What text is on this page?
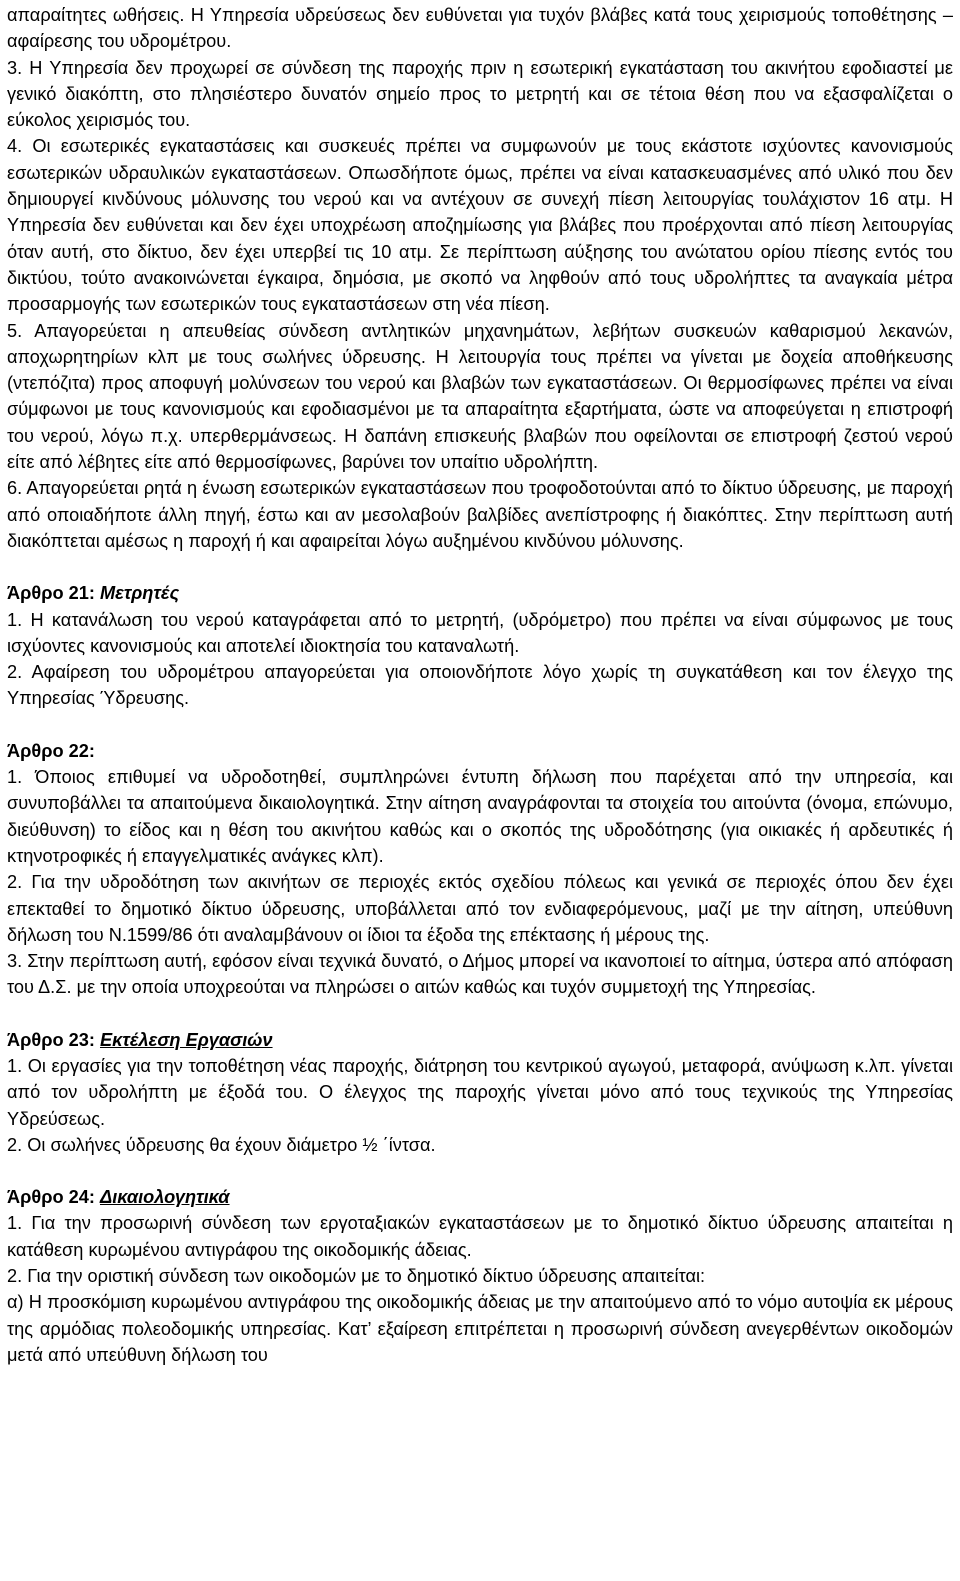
απαραίτητες ωθήσεις. Η Υπηρεσία υδρεύσεως δεν ευθύνεται για τυχόν βλάβες κατά τους χειρισμούς τοποθέτησης – αφαίρεσης του υδρομέτρου.

3. Η Υπηρεσία δεν προχωρεί σε σύνδεση της παροχής πριν η εσωτερική εγκατάσταση του ακινήτου εφοδιαστεί με γενικό διακόπτη, στο πλησιέστερο δυνατόν σημείο προς το μετρητή και σε τέτοια θέση που να εξασφαλίζεται ο εύκολος χειρισμός του.

4. Οι εσωτερικές εγκαταστάσεις και συσκευές πρέπει να συμφωνούν με τους εκάστοτε ισχύοντες κανονισμούς εσωτερικών υδραυλικών εγκαταστάσεων. Οπωσδήποτε όμως, πρέπει να είναι κατασκευασμένες από υλικό που δεν δημιουργεί κινδύνους μόλυνσης του νερού και να αντέχουν σε συνεχή πίεση λειτουργίας τουλάχιστον 16 ατμ. Η Υπηρεσία δεν ευθύνεται και δεν έχει υποχρέωση αποζημίωσης για βλάβες που προέρχονται από πίεση λειτουργίας όταν αυτή, στο δίκτυο, δεν έχει υπερβεί τις 10 ατμ. Σε περίπτωση αύξησης του ανώτατου ορίου πίεσης εντός του δικτύου, τούτο ανακοινώνεται έγκαιρα, δημόσια, με σκοπό να ληφθούν από τους υδρολήπτες τα αναγκαία μέτρα προσαρμογής των εσωτερικών τους εγκαταστάσεων στη νέα πίεση.

5. Απαγορεύεται η απευθείας σύνδεση αντλητικών μηχανημάτων, λεβήτων συσκευών καθαρισμού λεκανών, αποχωρητηρίων κλπ με τους σωλήνες ύδρευσης. Η λειτουργία τους πρέπει να γίνεται με δοχεία αποθήκευσης (ντεπόζιτα) προς αποφυγή μολύνσεων του νερού και βλαβών των εγκαταστάσεων. Οι θερμοσίφωνες πρέπει να είναι σύμφωνοι με τους κανονισμούς και εφοδιασμένοι με τα απαραίτητα εξαρτήματα, ώστε να αποφεύγεται η επιστροφή του νερού, λόγω π.χ. υπερθερμάνσεως. Η δαπάνη επισκευής βλαβών που οφείλονται σε επιστροφή ζεστού νερού είτε από λέβητες είτε από θερμοσίφωνες, βαρύνει τον υπαίτιο υδρολήπτη.

6. Απαγορεύεται ρητά η ένωση εσωτερικών εγκαταστάσεων που τροφοδοτούνται από το δίκτυο ύδρευσης, με παροχή από οποιαδήποτε άλλη πηγή, έστω και αν μεσολαβούν βαλβίδες ανεπίστροφης ή διακόπτες. Στην περίπτωση αυτή διακόπτεται αμέσως η παροχή ή και αφαιρείται λόγω αυξημένου κινδύνου μόλυνσης.

Άρθρο 21: Μετρητές

1. Η κατανάλωση του νερού καταγράφεται από το μετρητή, (υδρόμετρο) που πρέπει να είναι σύμφωνος με τους ισχύοντες κανονισμούς και αποτελεί ιδιοκτησία του καταναλωτή.

2. Αφαίρεση του υδρομέτρου απαγορεύεται για οποιονδήποτε λόγο χωρίς τη συγκατάθεση και τον έλεγχο της Υπηρεσίας Ύδρευσης.

Άρθρο 22:

1. Όποιος επιθυμεί να υδροδοτηθεί, συμπληρώνει έντυπη δήλωση που παρέχεται από την υπηρεσία, και συνυποβάλλει τα απαιτούμενα δικαιολογητικά. Στην αίτηση αναγράφονται τα στοιχεία του αιτούντα (όνομα, επώνυμο, διεύθυνση) το είδος και η θέση του ακινήτου καθώς και ο σκοπός της υδροδότησης (για οικιακές ή αρδευτικές ή κτηνοτροφικές ή επαγγελματικές ανάγκες κλπ).

2. Για την υδροδότηση των ακινήτων σε περιοχές εκτός σχεδίου πόλεως και γενικά σε περιοχές όπου δεν έχει επεκταθεί το δημοτικό δίκτυο ύδρευσης, υποβάλλεται από τον ενδιαφερόμενους, μαζί με την αίτηση, υπεύθυνη δήλωση του Ν.1599/86 ότι αναλαμβάνουν οι ίδιοι τα έξοδα της επέκτασης ή μέρους της.

3. Στην περίπτωση αυτή, εφόσον είναι τεχνικά δυνατό, ο Δήμος μπορεί να ικανοποιεί το αίτημα, ύστερα από απόφαση του Δ.Σ. με την οποία υποχρεούται να πληρώσει ο αιτών καθώς και τυχόν συμμετοχή της Υπηρεσίας.

Άρθρο 23: Εκτέλεση Εργασιών

1. Οι εργασίες για την τοποθέτηση νέας παροχής, διάτρηση του κεντρικού αγωγού, μεταφορά, ανύψωση κ.λπ. γίνεται από τον υδρολήπτη με έξοδά του. Ο έλεγχος της παροχής γίνεται μόνο από τους τεχνικούς της Υπηρεσίας Υδρεύσεως.

2. Οι σωλήνες ύδρευσης θα έχουν διάμετρο ½ ΄ίντσα.

Άρθρο 24: Δικαιολογητικά

1. Για την προσωρινή σύνδεση των εργοταξιακών εγκαταστάσεων με το δημοτικό δίκτυο ύδρευσης απαιτείται η κατάθεση κυρωμένου αντιγράφου της οικοδομικής άδειας.

2. Για την οριστική σύνδεση των οικοδομών με το δημοτικό δίκτυο ύδρευσης απαιτείται:

α) Η προσκόμιση κυρωμένου αντιγράφου της οικοδομικής άδειας με την απαιτούμενο από το νόμο αυτοψία εκ μέρους της αρμόδιας πολεοδομικής υπηρεσίας. Κατ’ εξαίρεση επιτρέπεται η προσωρινή σύνδεση ανεγερθέντων οικοδομών μετά από υπεύθυνη δήλωση του
